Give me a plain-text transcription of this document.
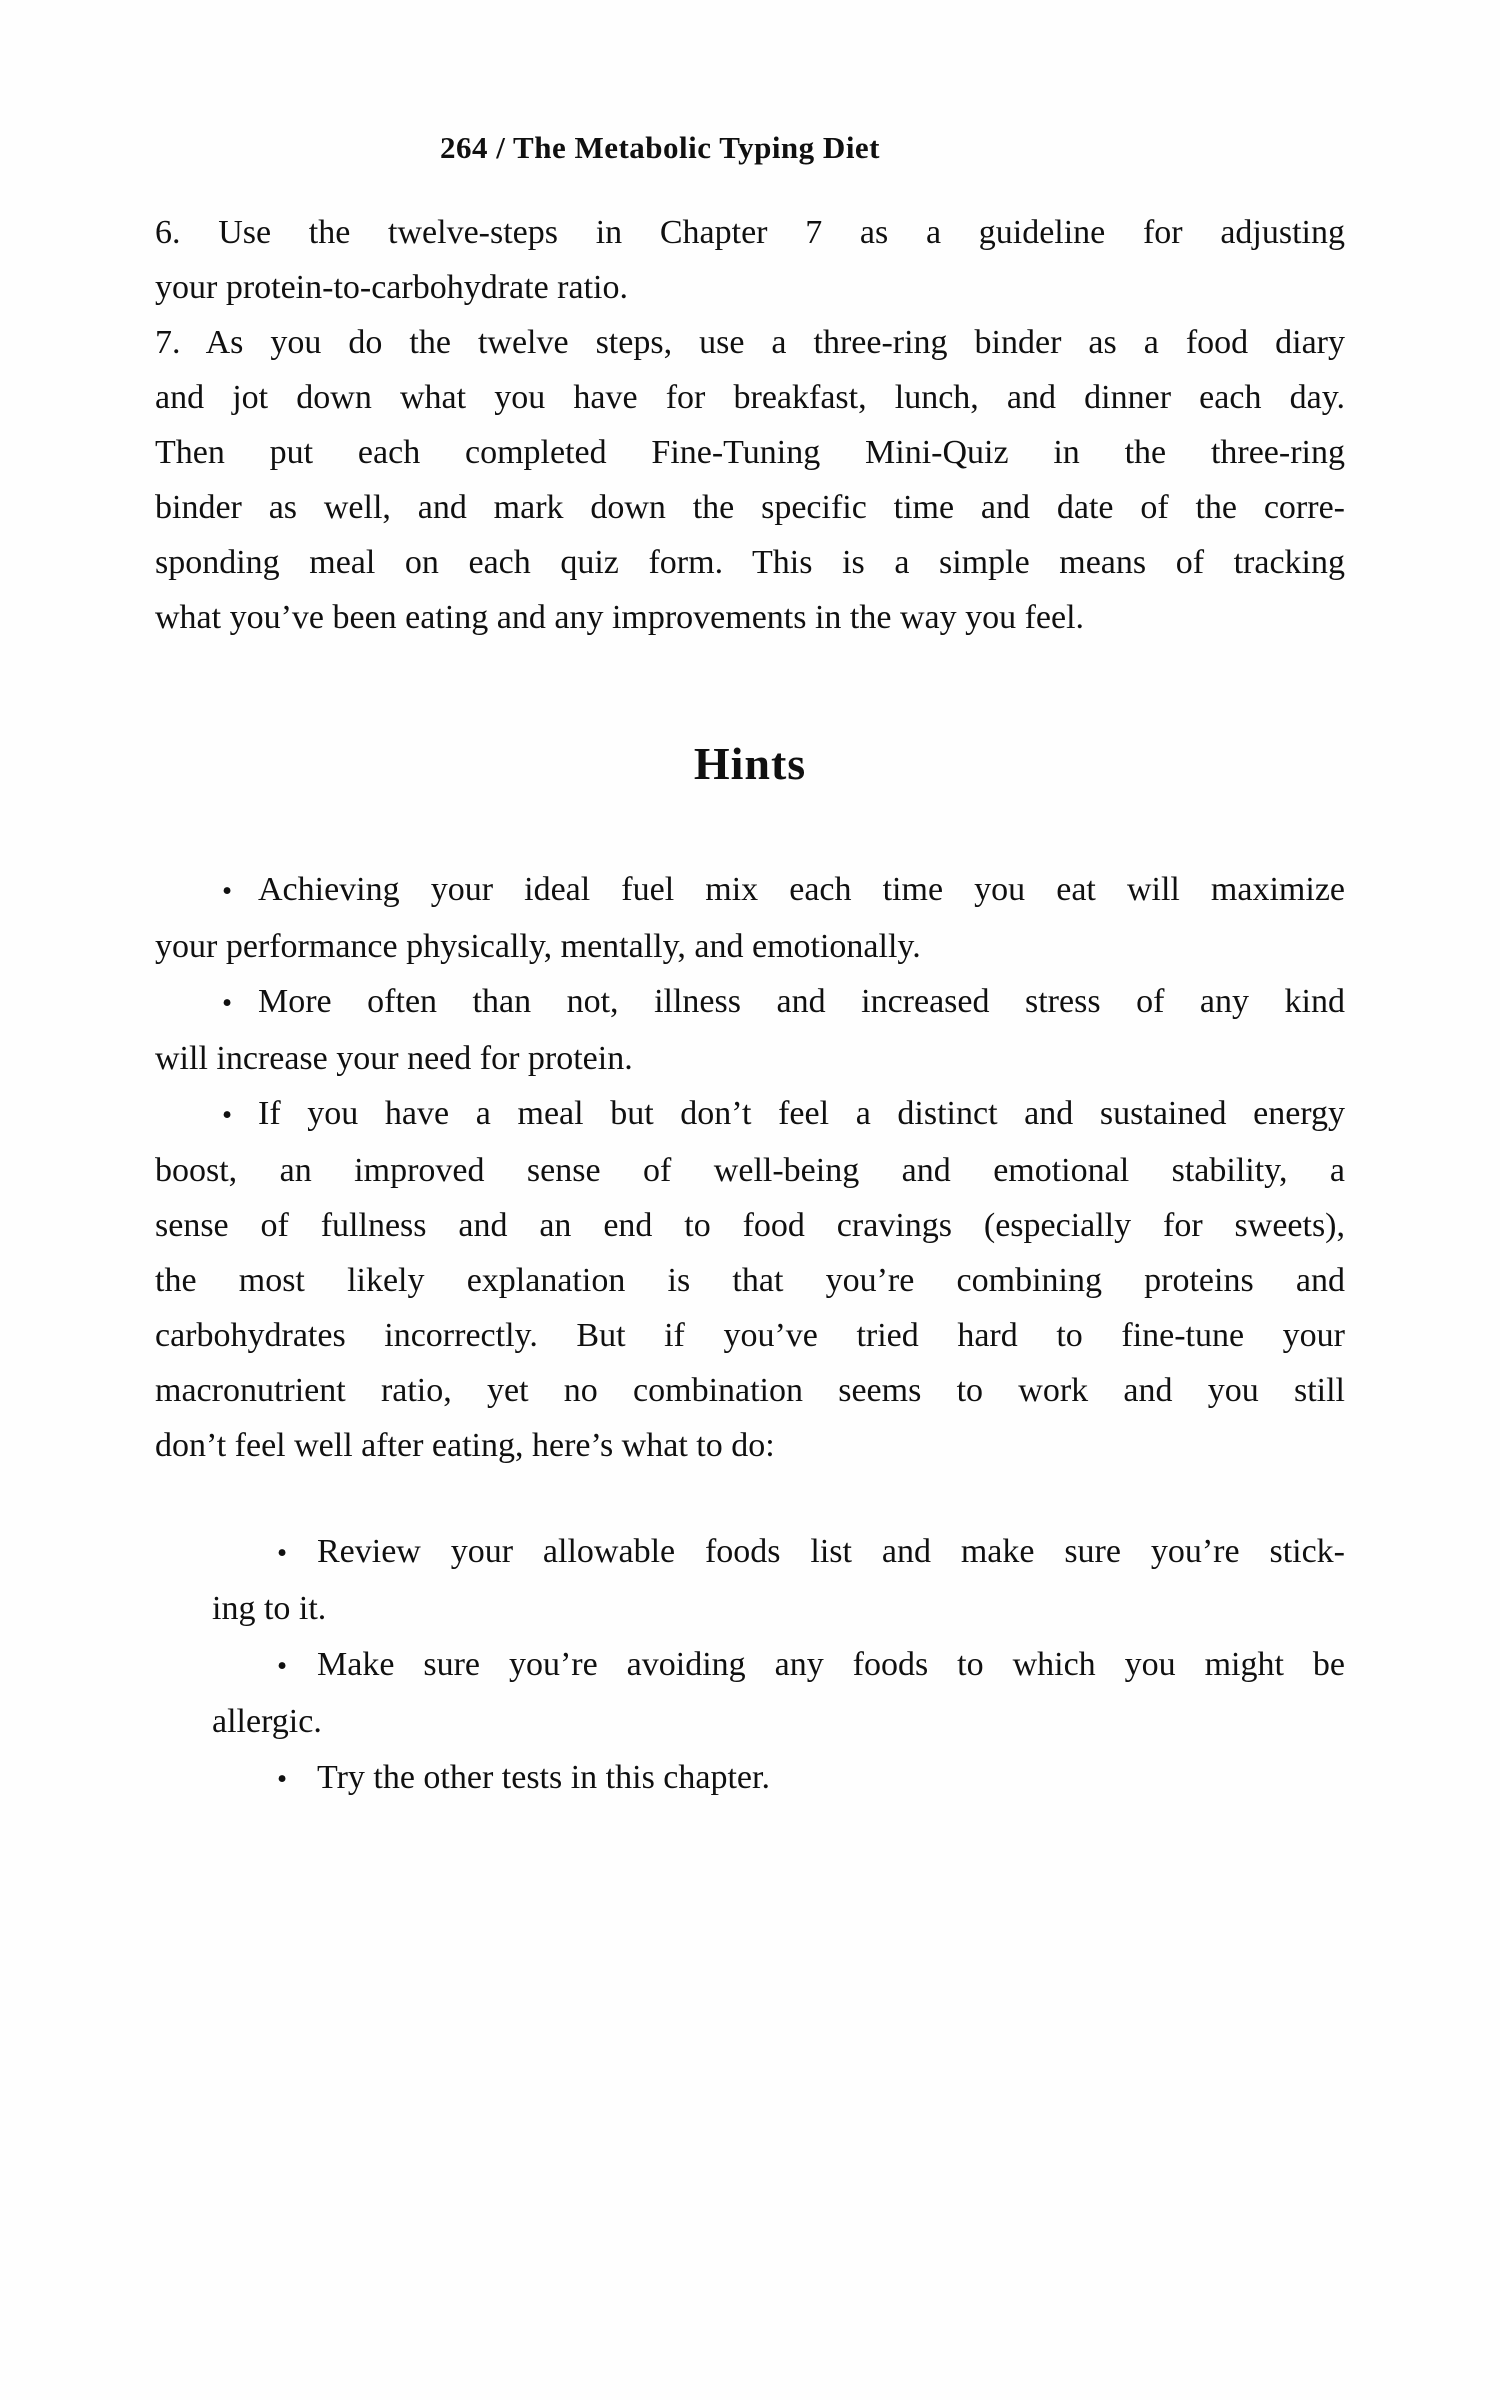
264 / The Metabolic Typing Diet
6. Use the twelve-steps in Chapter 7 as a guideline for adjusting
your protein-to-carbohydrate ratio.
7. As you do the twelve steps, use a three-ring binder as a food diary
and jot down what you have for breakfast, lunch, and dinner each day.
Then put each completed Fine-Tuning Mini-Quiz in the three-ring
binder as well, and mark down the specific time and date of the corre-
sponding meal on each quiz form. This is a simple means of tracking
what you’ve been eating and any improvements in the way you feel.
Hints
• Achieving your ideal fuel mix each time you eat will maximize
your performance physically, mentally, and emotionally.
• More often than not, illness and increased stress of any kind
will increase your need for protein.
• If you have a meal but don’t feel a distinct and sustained energy
boost, an improved sense of well-being and emotional stability, a
sense of fullness and an end to food cravings (especially for sweets),
the most likely explanation is that you’re combining proteins and
carbohydrates incorrectly. But if you’ve tried hard to fine-tune your
macronutrient ratio, yet no combination seems to work and you still
don’t feel well after eating, here’s what to do:
• Review your allowable foods list and make sure you’re stick-
ing to it.
• Make sure you’re avoiding any foods to which you might be
allergic.
• Try the other tests in this chapter.
